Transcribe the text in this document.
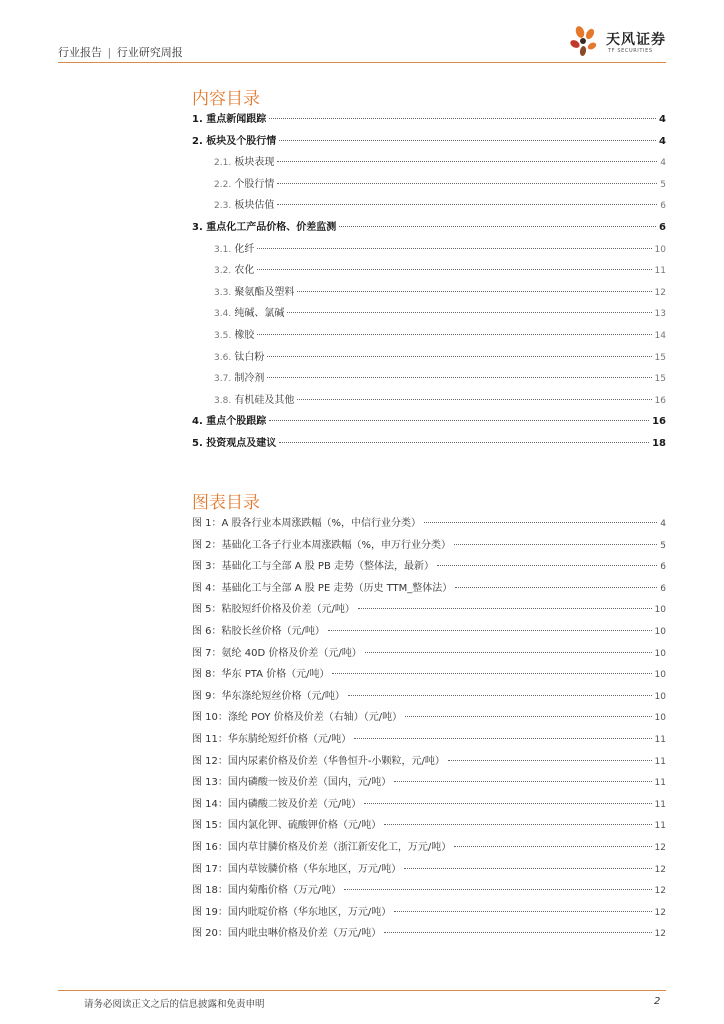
行业报告 | 行业研究周报
天风证券
TF SECURITIES
内容目录
1. 重点新闻跟踪	4
2. 板块及个股行情	4
2.1. 板块表现	4
2.2. 个股行情	5
2.3. 板块估值	6
3. 重点化工产品价格、价差监测	6
3.1. 化纤	10
3.2. 农化	11
3.3. 聚氨酯及塑料	12
3.4. 纯碱、氯碱	13
3.5. 橡胶	14
3.6. 钛白粉	15
3.7. 制冷剂	15
3.8. 有机硅及其他	16
4. 重点个股跟踪	16
5. 投资观点及建议	18
图表目录
图 1：A 股各行业本周涨跌幅（%，中信行业分类）	4
图 2：基础化工各子行业本周涨跌幅（%，申万行业分类）	5
图 3：基础化工与全部 A 股 PB 走势（整体法，最新）	6
图 4：基础化工与全部 A 股 PE 走势（历史 TTM_整体法）	6
图 5：粘胶短纤价格及价差（元/吨）	10
图 6：粘胶长丝价格（元/吨）	10
图 7：氨纶 40D 价格及价差（元/吨）	10
图 8：华东 PTA 价格（元/吨）	10
图 9：华东涤纶短丝价格（元/吨）	10
图 10：涤纶 POY 价格及价差（右轴）（元/吨）	10
图 11：华东腈纶短纤价格（元/吨）	11
图 12：国内尿素价格及价差（华鲁恒升-小颗粒，元/吨）	11
图 13：国内磷酸一铵及价差（国内，元/吨）	11
图 14：国内磷酸二铵及价差（元/吨）	11
图 15：国内氯化钾、硫酸钾价格（元/吨）	11
图 16：国内草甘膦价格及价差（浙江新安化工，万元/吨）	12
图 17：国内草铵膦价格（华东地区，万元/吨）	12
图 18：国内菊酯价格（万元/吨）	12
图 19：国内吡啶价格（华东地区，万元/吨）	12
图 20：国内吡虫啉价格及价差（万元/吨）	12
请务必阅读正文之后的信息披露和免责申明	2
